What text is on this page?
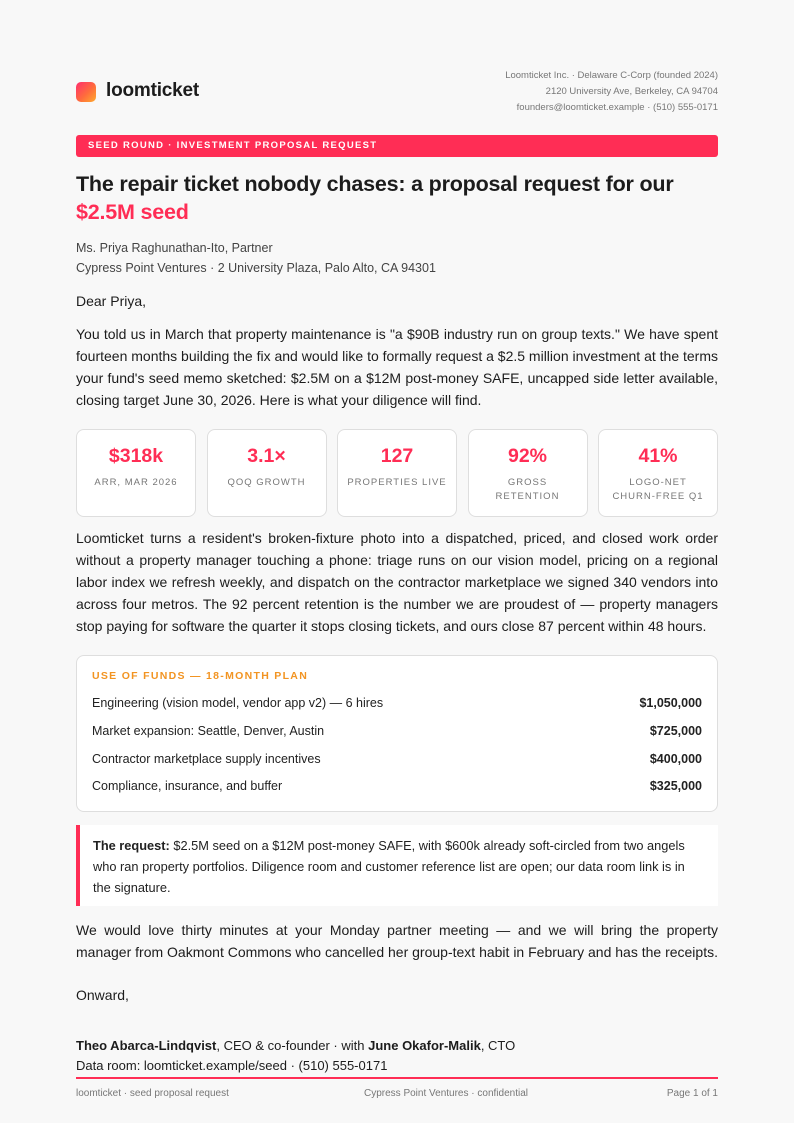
loomticket
Loomticket Inc. · Delaware C-Corp (founded 2024)
2120 University Ave, Berkeley, CA 94704
founders@loomticket.example · (510) 555-0171
SEED ROUND · INVESTMENT PROPOSAL REQUEST
The repair ticket nobody chases: a proposal request for our
$2.5M seed
Ms. Priya Raghunathan-Ito, Partner
Cypress Point Ventures · 2 University Plaza, Palo Alto, CA 94301
Dear Priya,
You told us in March that property maintenance is "a $90B industry run on group texts." We have spent fourteen months building the fix and would like to formally request a $2.5 million investment at the terms your fund's seed memo sketched: $2.5M on a $12M post-money SAFE, uncapped side letter available, closing target June 30, 2026. Here is what your diligence will find.
$318k
ARR, MAR 2026
3.1×
QOQ GROWTH
127
PROPERTIES LIVE
92%
GROSS RETENTION
41%
LOGO-NET CHURN-FREE Q1
Loomticket turns a resident's broken-fixture photo into a dispatched, priced, and closed work order without a property manager touching a phone: triage runs on our vision model, pricing on a regional labor index we refresh weekly, and dispatch on the contractor marketplace we signed 340 vendors into across four metros. The 92 percent retention is the number we are proudest of — property managers stop paying for software the quarter it stops closing tickets, and ours close 87 percent within 48 hours.
USE OF FUNDS — 18-MONTH PLAN
Engineering (vision model, vendor app v2) — 6 hires	$1,050,000
Market expansion: Seattle, Denver, Austin	$725,000
Contractor marketplace supply incentives	$400,000
Compliance, insurance, and buffer	$325,000
The request: $2.5M seed on a $12M post-money SAFE, with $600k already soft-circled from two angels who ran property portfolios. Diligence room and customer reference list are open; our data room link is in the signature.
We would love thirty minutes at your Monday partner meeting — and we will bring the property manager from Oakmont Commons who cancelled her group-text habit in February and has the receipts.
Onward,
Theo Abarca-Lindqvist, CEO & co-founder · with June Okafor-Malik, CTO
Data room: loomticket.example/seed · (510) 555-0171
loomticket · seed proposal request	Cypress Point Ventures · confidential	Page 1 of 1
